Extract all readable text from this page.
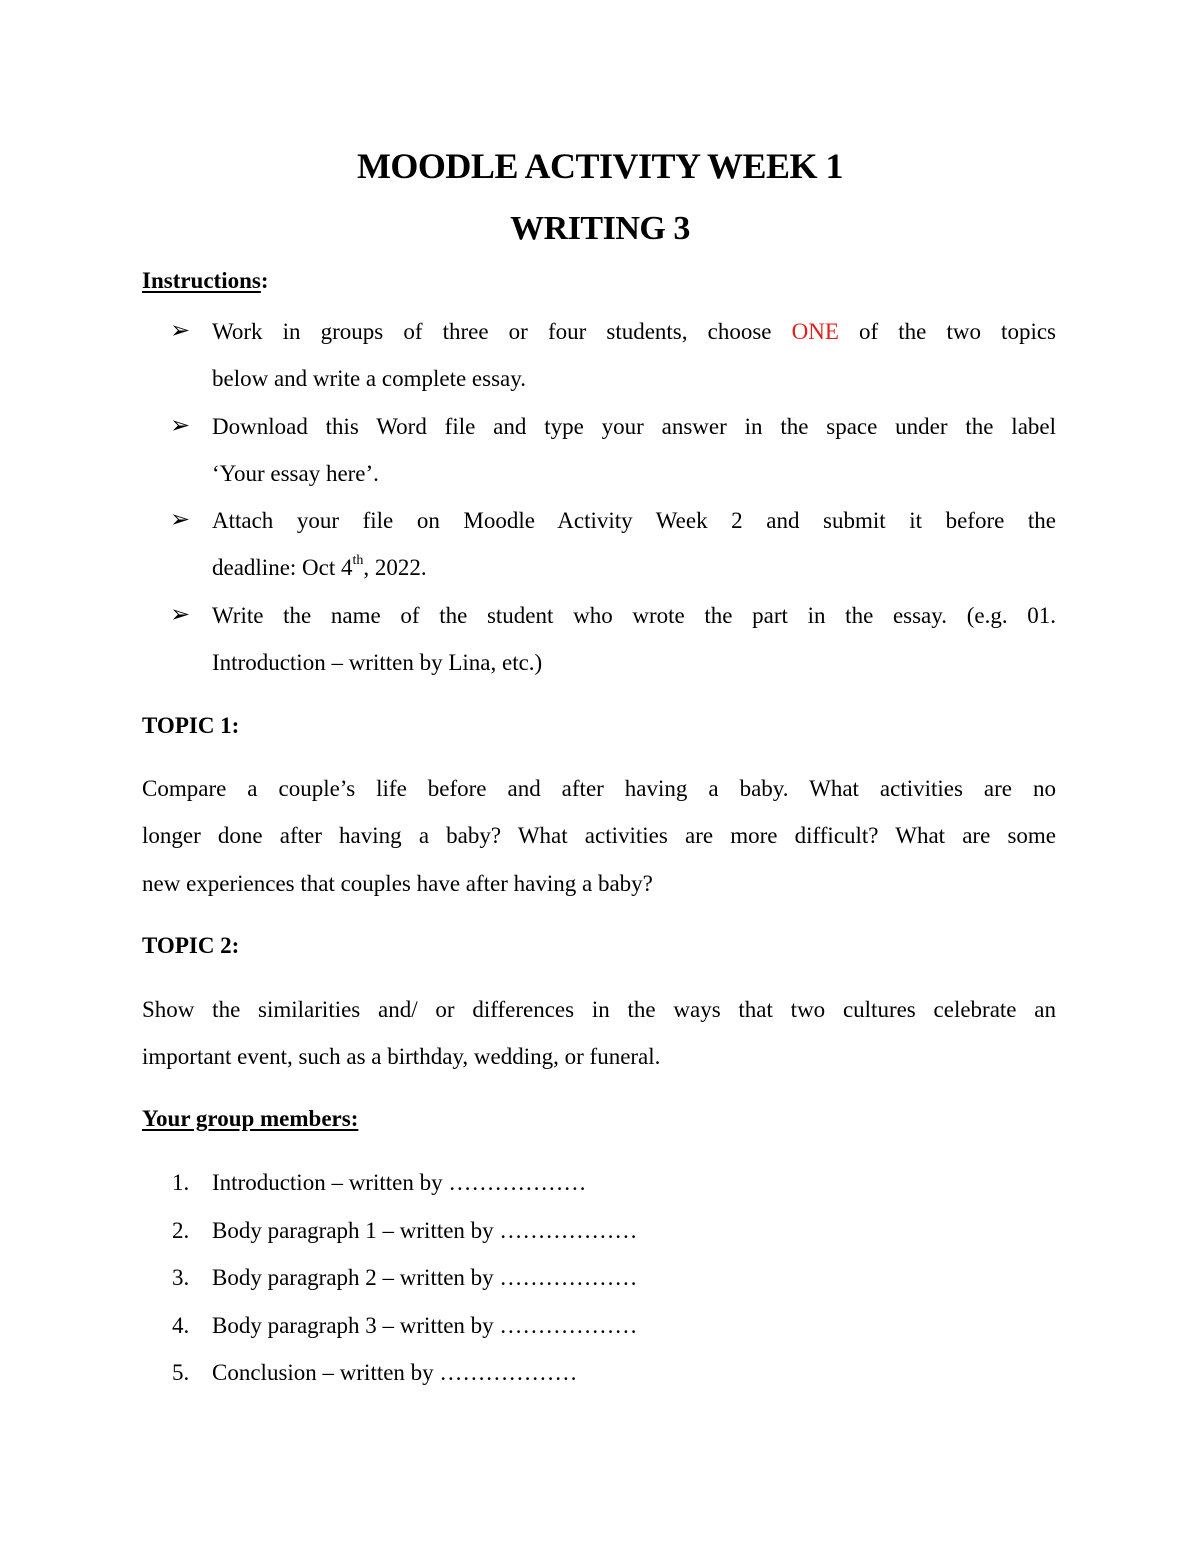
MOODLE ACTIVITY WEEK 1
WRITING 3
Instructions:
➢ Work in groups of three or four students, choose ONE of the two topics
below and write a complete essay.
➢ Download this Word file and type your answer in the space under the label
‘Your essay here’.
➢ Attach your file on Moodle Activity Week 2 and submit it before the
deadline: Oct 4th, 2022.
➢ Write the name of the student who wrote the part in the essay. (e.g. 01.
Introduction – written by Lina, etc.)
TOPIC 1:
Compare a couple’s life before and after having a baby. What activities are no
longer done after having a baby? What activities are more difficult? What are some
new experiences that couples have after having a baby?
TOPIC 2:
Show the similarities and/ or differences in the ways that two cultures celebrate an
important event, such as a birthday, wedding, or funeral.
Your group members:
1. Introduction – written by ………………
2. Body paragraph 1 – written by ………………
3. Body paragraph 2 – written by ………………
4. Body paragraph 3 – written by ………………
5. Conclusion – written by ………………
